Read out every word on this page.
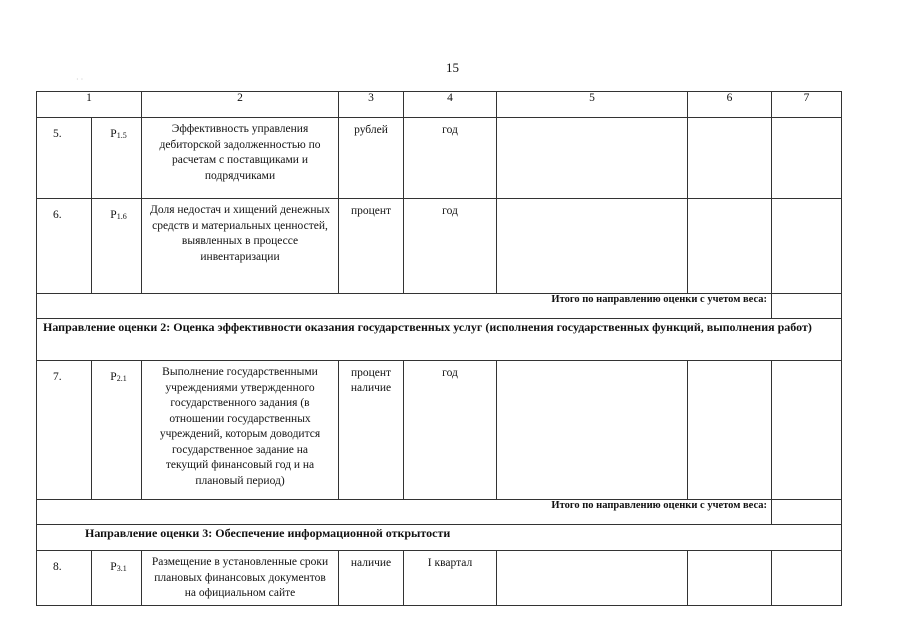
15
· ·
1		2	3	4	5	6	7
5.	$P_{1.5}$	Эффективность управления дебиторской задолженностью по расчетам с поставщиками и подрядчиками	рублей	год			
6.	$P_{1.6}$	Доля недостач и хищений денежных средств и материальных ценностей, выявленных в процессе инвентаризации	процент	год			
Итого по направлению оценки с учетом веса:							
Направление оценки 2: Оценка эффективности оказания государственных услуг (исполнения государственных функций, выполнения работ)							
7.	$P_{2.1}$	Выполнение государственными учреждениями утвержденного государственного задания (в отношении государственных учреждений, которым доводится государственное задание на текущий финансовый год и на плановый период)	процент наличие	год			
Итого по направлению оценки с учетом веса:							
Направление оценки 3: Обеспечение информационной открытости							
8.	$P_{3.1}$	Размещение в установленные сроки плановых финансовых документов на официальном сайте	наличие	I квартал			
